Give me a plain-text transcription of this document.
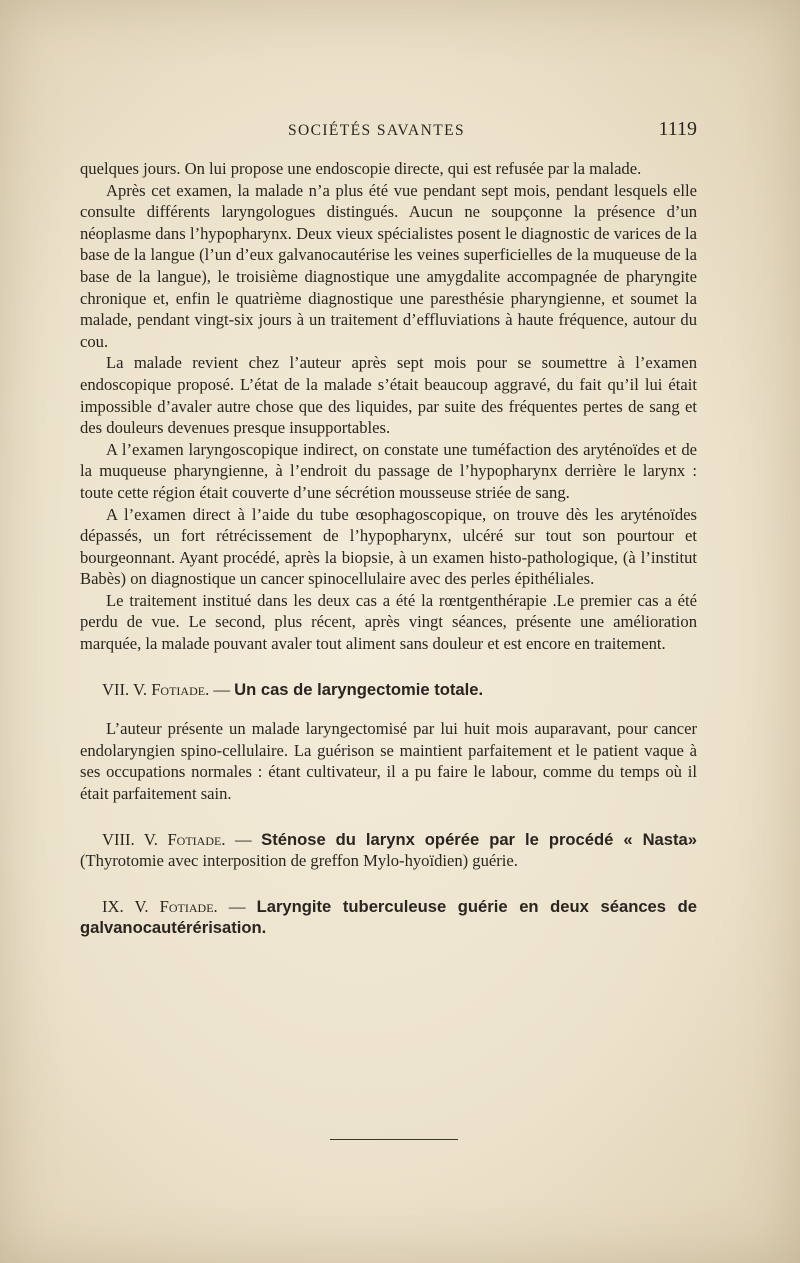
SOCIÉTÉS SAVANTES	1119

quelques jours. On lui propose une endoscopie directe, qui est refusée par la malade.

Après cet examen, la malade n’a plus été vue pendant sept mois, pendant lesquels elle consulte différents laryngologues distingués. Aucun ne soupçonne la présence d’un néoplasme dans l’hypopharynx. Deux vieux spécialistes posent le diagnostic de varices de la base de la langue (l’un d’eux galvanocautérise les veines superficielles de la muqueuse de la base de la langue), le troisième diagnostique une amygdalite accompagnée de pharyngite chronique et, enfin le quatrième diagnostique une paresthésie pharyngienne, et soumet la malade, pendant vingt-six jours à un traitement d’effluviations à haute fréquence, autour du cou.

La malade revient chez l’auteur après sept mois pour se soumettre à l’examen endoscopique proposé. L’état de la malade s’était beaucoup aggravé, du fait qu’il lui était impossible d’avaler autre chose que des liquides, par suite des fréquentes pertes de sang et des douleurs devenues presque insupportables.

A l’examen laryngoscopique indirect, on constate une tuméfaction des aryténoïdes et de la muqueuse pharyngienne, à l’endroit du passage de l’hypopharynx derrière le larynx : toute cette région était couverte d’une sécrétion mousseuse striée de sang.

A l’examen direct à l’aide du tube œsophagoscopique, on trouve dès les aryténoïdes dépassés, un fort rétrécissement de l’hypopharynx, ulcéré sur tout son pourtour et bourgeonnant. Ayant procédé, après la biopsie, à un examen histo-pathologique, (à l’institut Babès) on diagnostique un cancer spinocellulaire avec des perles épithéliales.

Le traitement institué dans les deux cas a été la rœntgenthérapie .Le premier cas a été perdu de vue. Le second, plus récent, après vingt séances, présente une amélioration marquée, la malade pouvant avaler tout aliment sans douleur et est encore en traitement.

VII. V. Fotiade. — Un cas de laryngectomie totale.

L’auteur présente un malade laryngectomisé par lui huit mois auparavant, pour cancer endolaryngien spino-cellulaire. La guérison se maintient parfaitement et le patient vaque à ses occupations normales : étant cultivateur, il a pu faire le labour, comme du temps où il était parfaitement sain.

VIII. V. Fotiade. — Sténose du larynx opérée par le procédé « Nasta» (Thyrotomie avec interposition de greffon Mylo-hyoïdien) guérie.

IX. V. Fotiade. — Laryngite tuberculeuse guérie en deux séances de galvanocautérérisation.
